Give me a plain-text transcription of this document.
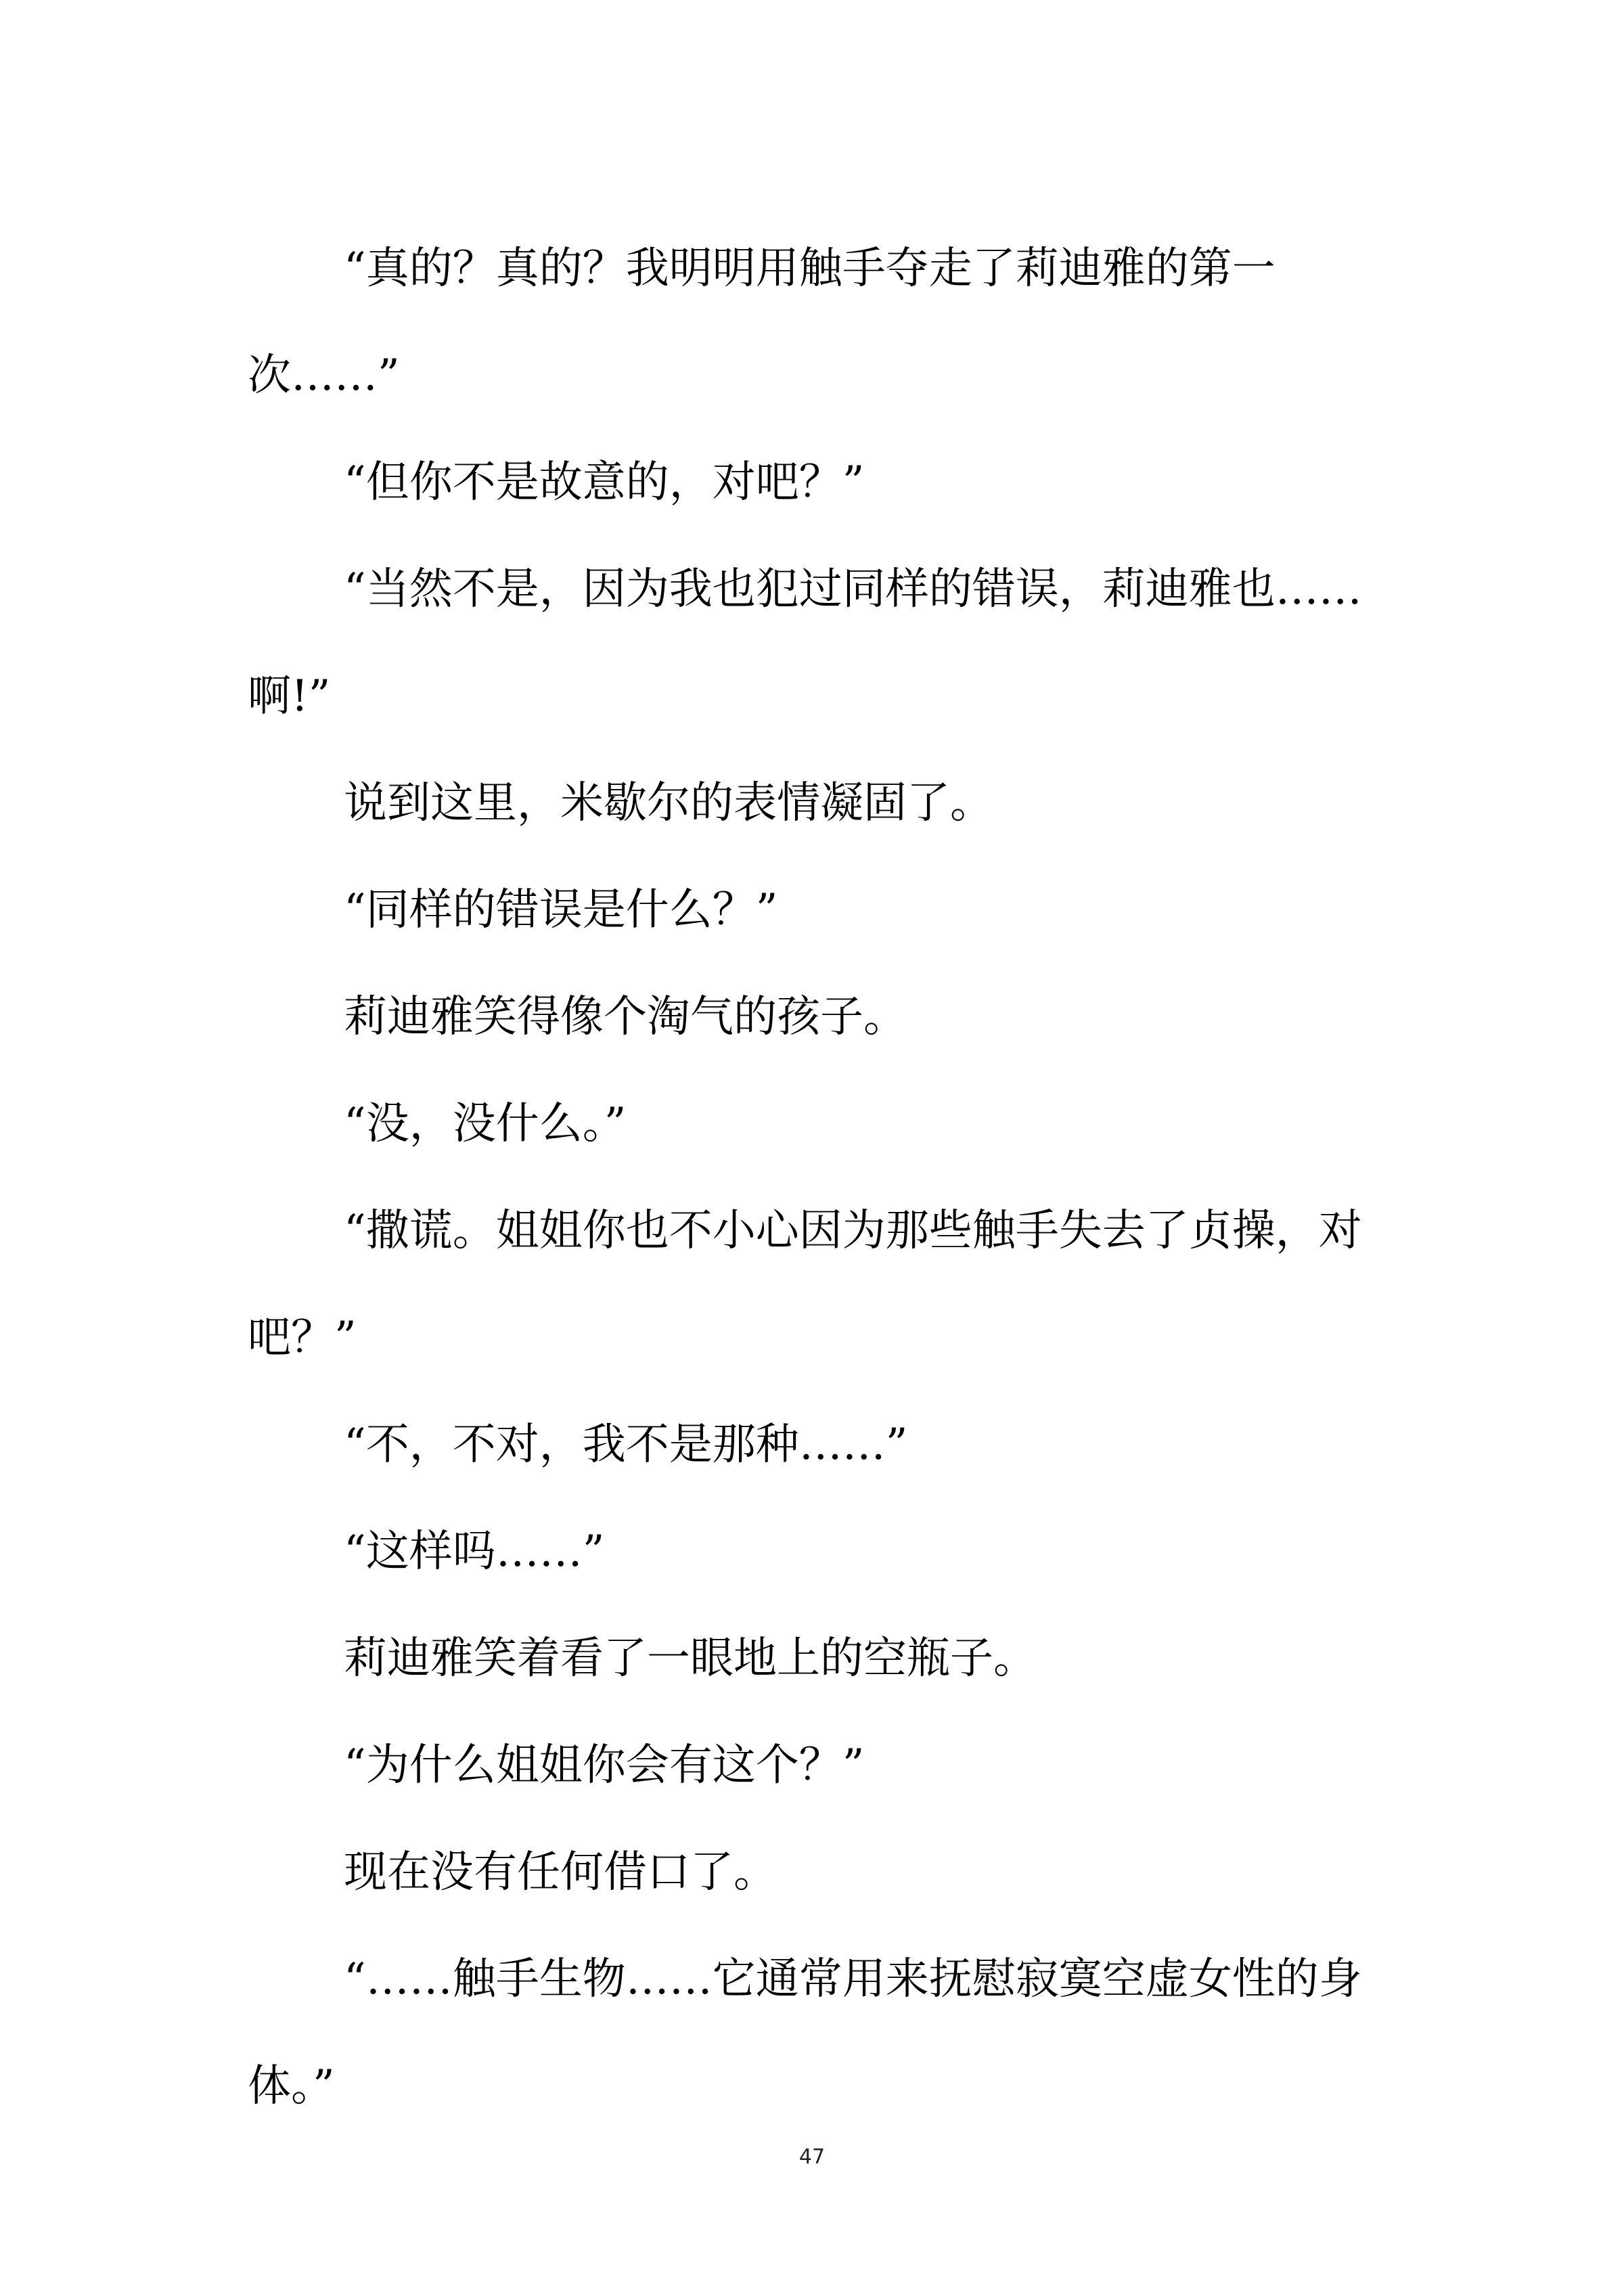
“真的？真的？我明明用触手夺走了莉迪雅的第一次……”

“但你不是故意的，对吧？”

“当然不是，因为我也犯过同样的错误，莉迪雅也……啊!”

说到这里，米歇尔的表情凝固了。

“同样的错误是什么？”

莉迪雅笑得像个淘气的孩子。

“没，没什么。”

“撒谎。姐姐你也不小心因为那些触手失去了贞操，对吧？”

“不，不对，我不是那种……”

“这样吗……”

莉迪雅笑着看了一眼地上的空瓶子。

“为什么姐姐你会有这个？”

现在没有任何借口了。

“……触手生物……它通常用来抚慰寂寞空虚女性的身体。”

47
